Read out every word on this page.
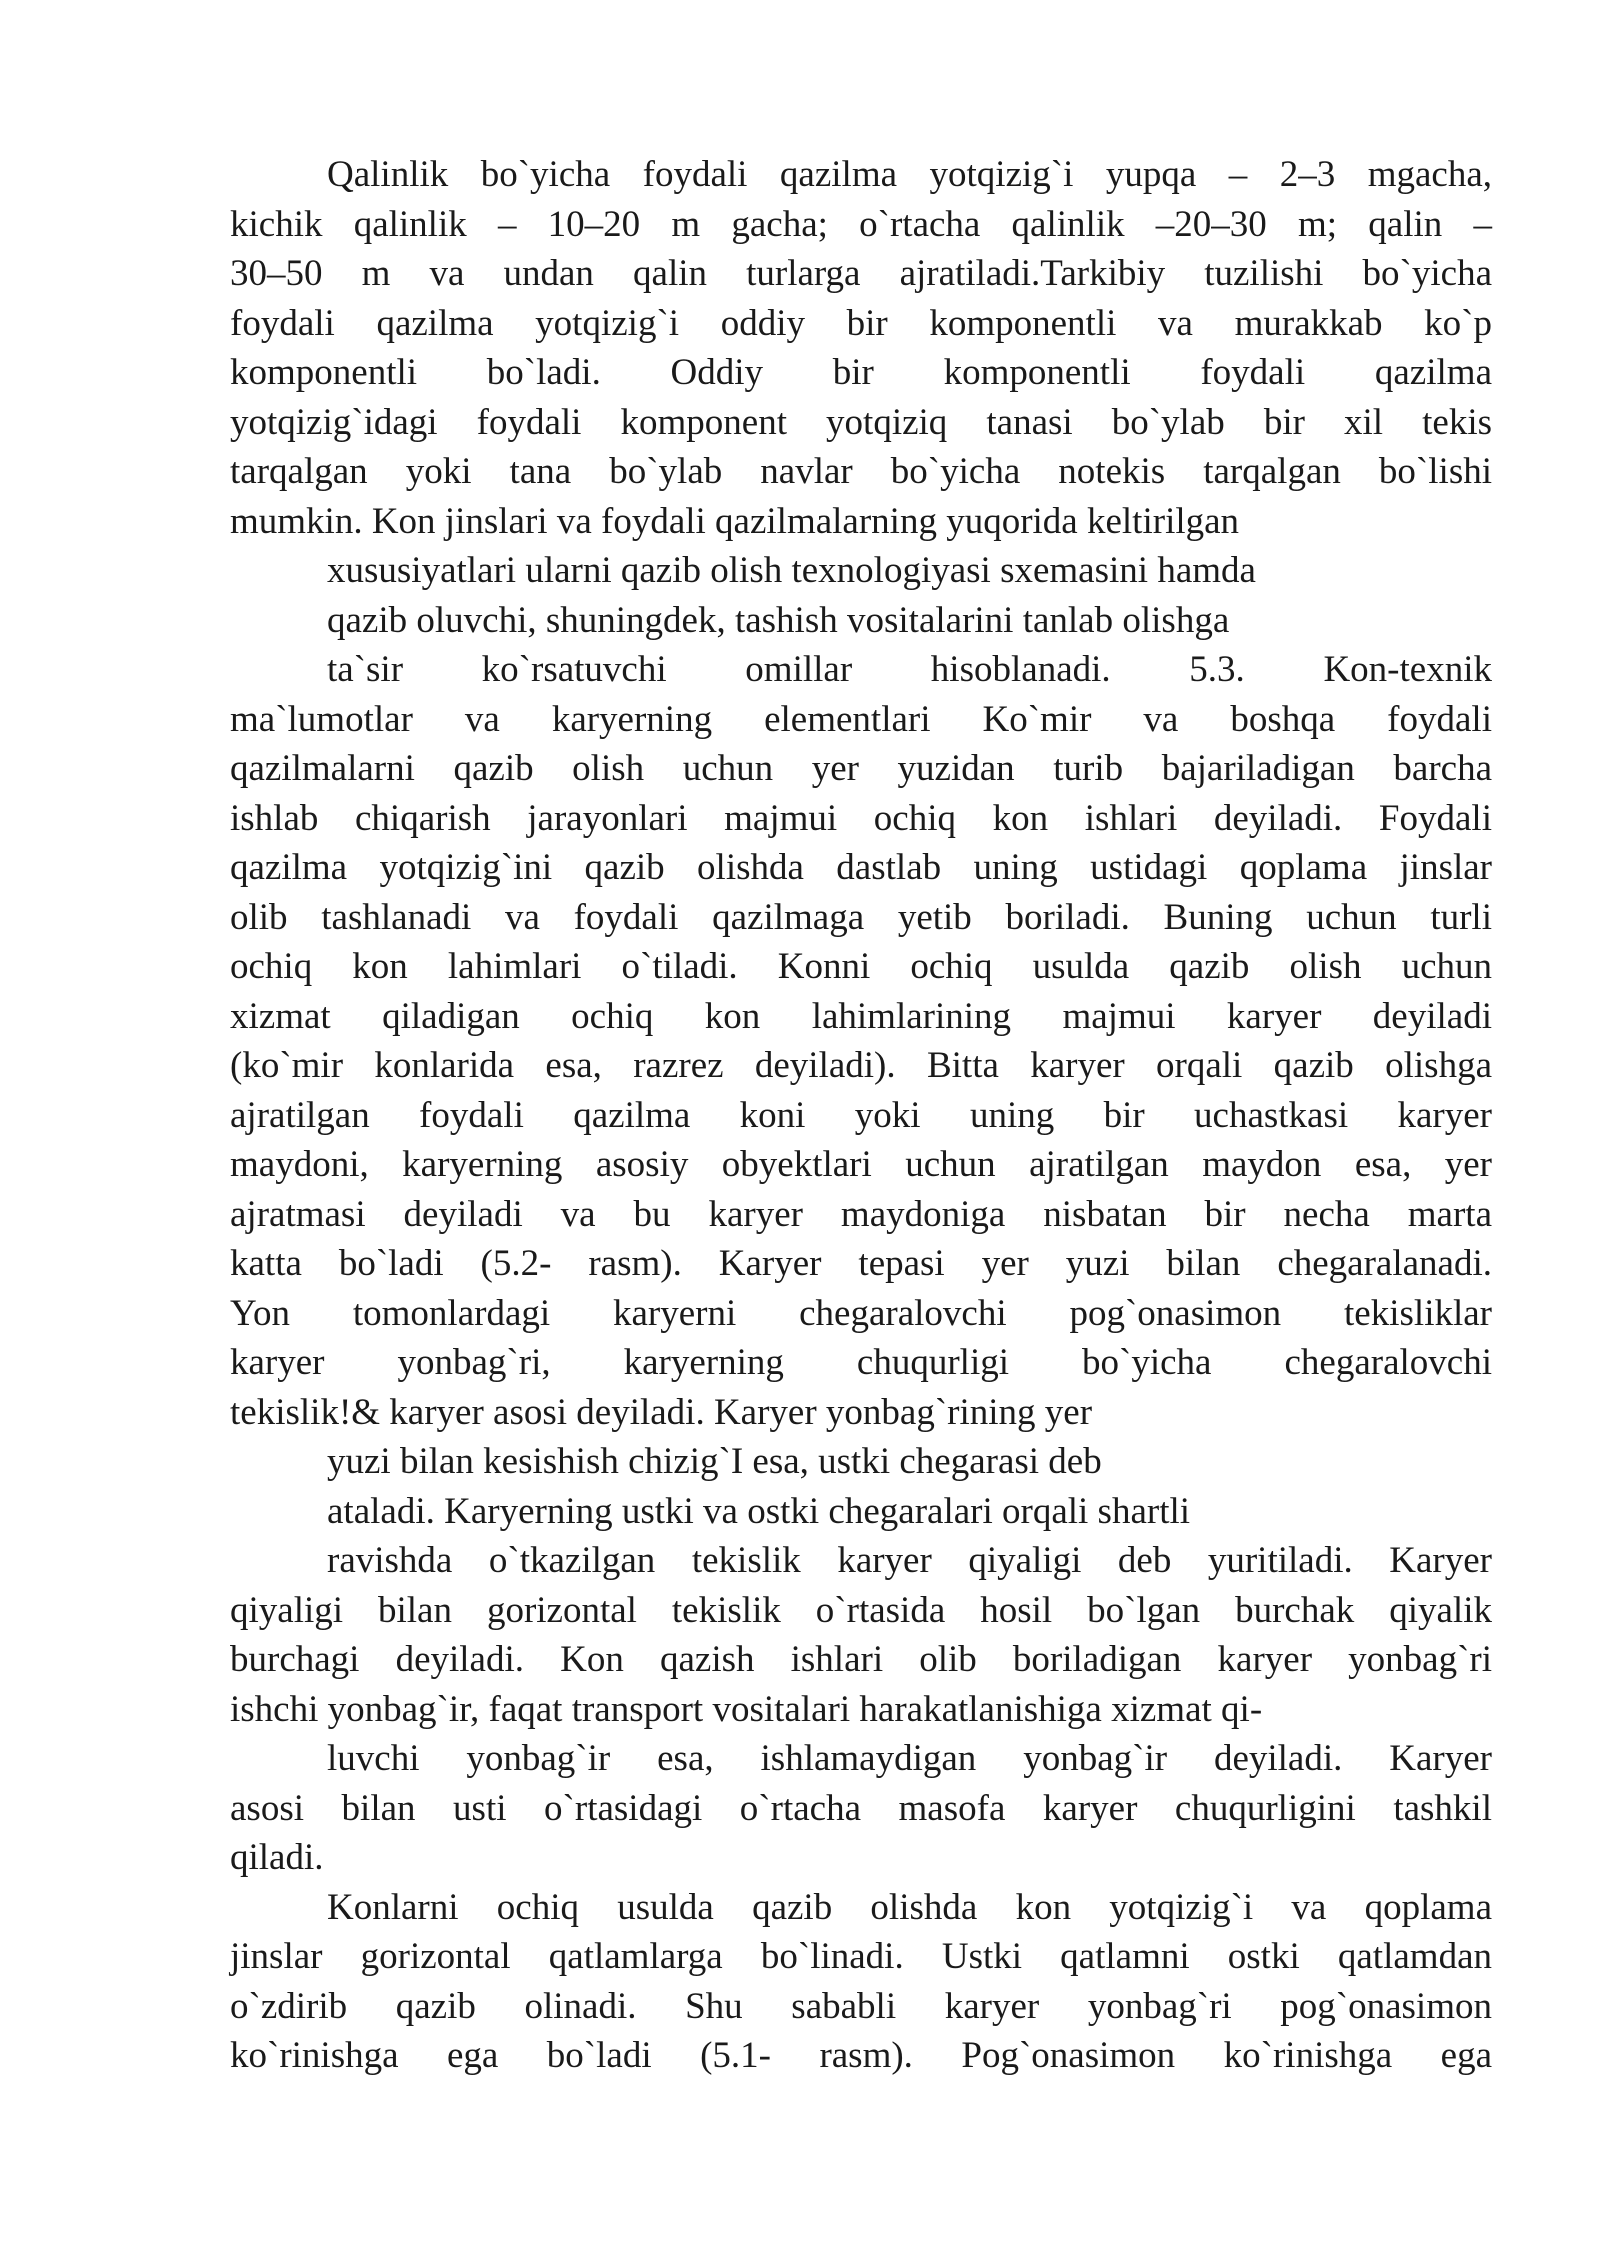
Qalinlik bo`yicha foydali qazilma yotqizig`i yupqa – 2–3 mgacha,
kichik qalinlik – 10–20 m gacha; o`rtacha qalinlik –20–30 m; qalin –
30–50 m va undan qalin turlarga ajratiladi.Tarkibiy tuzilishi bo`yicha
foydali qazilma yotqizig`i oddiy bir komponentli va murakkab ko`p
komponentli bo`ladi. Oddiy bir komponentli foydali qazilma
yotqizig`idagi foydali komponent yotqiziq tanasi bo`ylab bir xil tekis
tarqalgan yoki tana bo`ylab navlar bo`yicha notekis tarqalgan bo`lishi
mumkin. Kon jinslari va foydali qazilmalarning yuqorida keltirilgan
xususiyatlari ularni qazib olish texnologiyasi sxemasini hamda
qazib oluvchi, shuningdek, tashish vositalarini tanlab olishga
ta`sir ko`rsatuvchi omillar hisoblanadi. 5.3. Kon-texnik
ma`lumotlar va karyerning elementlari Ko`mir va boshqa foydali
qazilmalarni qazib olish uchun yer yuzidan turib bajariladigan barcha
ishlab chiqarish jarayonlari majmui ochiq kon ishlari deyiladi. Foydali
qazilma yotqizig`ini qazib olishda dastlab uning ustidagi qoplama jinslar
olib tashlanadi va foydali qazilmaga yetib boriladi. Buning uchun turli
ochiq kon lahimlari o`tiladi. Konni ochiq usulda qazib olish uchun
xizmat qiladigan ochiq kon lahimlarining majmui karyer deyiladi
(ko`mir konlarida esa, razrez deyiladi). Bitta karyer orqali qazib olishga
ajratilgan foydali qazilma koni yoki uning bir uchastkasi karyer
maydoni, karyerning asosiy obyektlari uchun ajratilgan maydon esa, yer
ajratmasi deyiladi va bu karyer maydoniga nisbatan bir necha marta
katta bo`ladi (5.2- rasm). Karyer tepasi yer yuzi bilan chegaralanadi.
Yon tomonlardagi karyerni chegaralovchi pog`onasimon tekisliklar
karyer yonbag`ri, karyerning chuqurligi bo`yicha chegaralovchi
tekislik!& karyer asosi deyiladi. Karyer yonbag`rining yer
yuzi bilan kesishish chizig`I esa, ustki chegarasi deb
ataladi. Karyerning ustki va ostki chegaralari orqali shartli
ravishda o`tkazilgan tekislik karyer qiyaligi deb yuritiladi. Karyer
qiyaligi bilan gorizontal tekislik o`rtasida hosil bo`lgan burchak qiyalik
burchagi deyiladi. Kon qazish ishlari olib boriladigan karyer yonbag`ri
ishchi yonbag`ir, faqat transport vositalari harakatlanishiga xizmat qi-
luvchi yonbag`ir esa, ishlamaydigan yonbag`ir deyiladi. Karyer
asosi bilan usti o`rtasidagi o`rtacha masofa karyer chuqurligini tashkil
qiladi.
Konlarni ochiq usulda qazib olishda kon yotqizig`i va qoplama
jinslar gorizontal qatlamlarga bo`linadi. Ustki qatlamni ostki qatlamdan
o`zdirib qazib olinadi. Shu sababli karyer yonbag`ri pog`onasimon
ko`rinishga ega bo`ladi (5.1- rasm). Pog`onasimon ko`rinishga ega
